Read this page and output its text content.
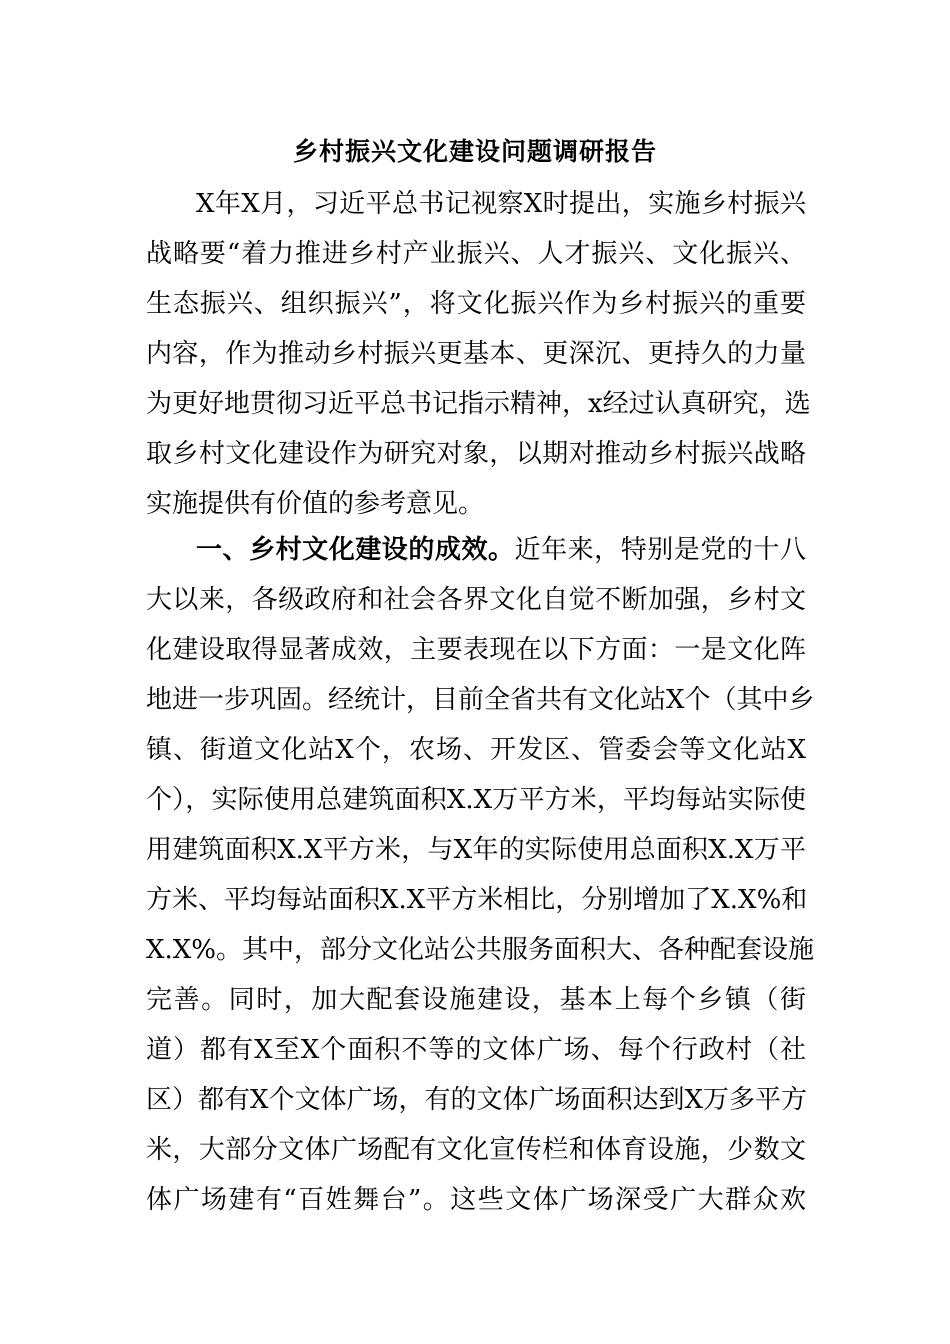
乡村振兴文化建设问题调研报告
X年X月，习近平总书记视察X时提出，实施乡村振兴
战略要“着力推进乡村产业振兴、人才振兴、文化振兴、
生态振兴、组织振兴”，将文化振兴作为乡村振兴的重要
内容，作为推动乡村振兴更基本、更深沉、更持久的力量
为更好地贯彻习近平总书记指示精神，x经过认真研究，选
取乡村文化建设作为研究对象，以期对推动乡村振兴战略
实施提供有价值的参考意见。
一、乡村文化建设的成效。近年来，特别是党的十八
大以来，各级政府和社会各界文化自觉不断加强，乡村文
化建设取得显著成效，主要表现在以下方面：一是文化阵
地进一步巩固。经统计，目前全省共有文化站X个（其中乡
镇、街道文化站X个，农场、开发区、管委会等文化站X
个），实际使用总建筑面积X.X万平方米，平均每站实际使
用建筑面积X.X平方米，与X年的实际使用总面积X.X万平
方米、平均每站面积X.X平方米相比，分别增加了X.X%和
X.X%。其中，部分文化站公共服务面积大、各种配套设施
完善。同时，加大配套设施建设，基本上每个乡镇（街
道）都有X至X个面积不等的文体广场、每个行政村（社
区）都有X个文体广场，有的文体广场面积达到X万多平方
米，大部分文体广场配有文化宣传栏和体育设施，少数文
体广场建有“百姓舞台”。这些文体广场深受广大群众欢
